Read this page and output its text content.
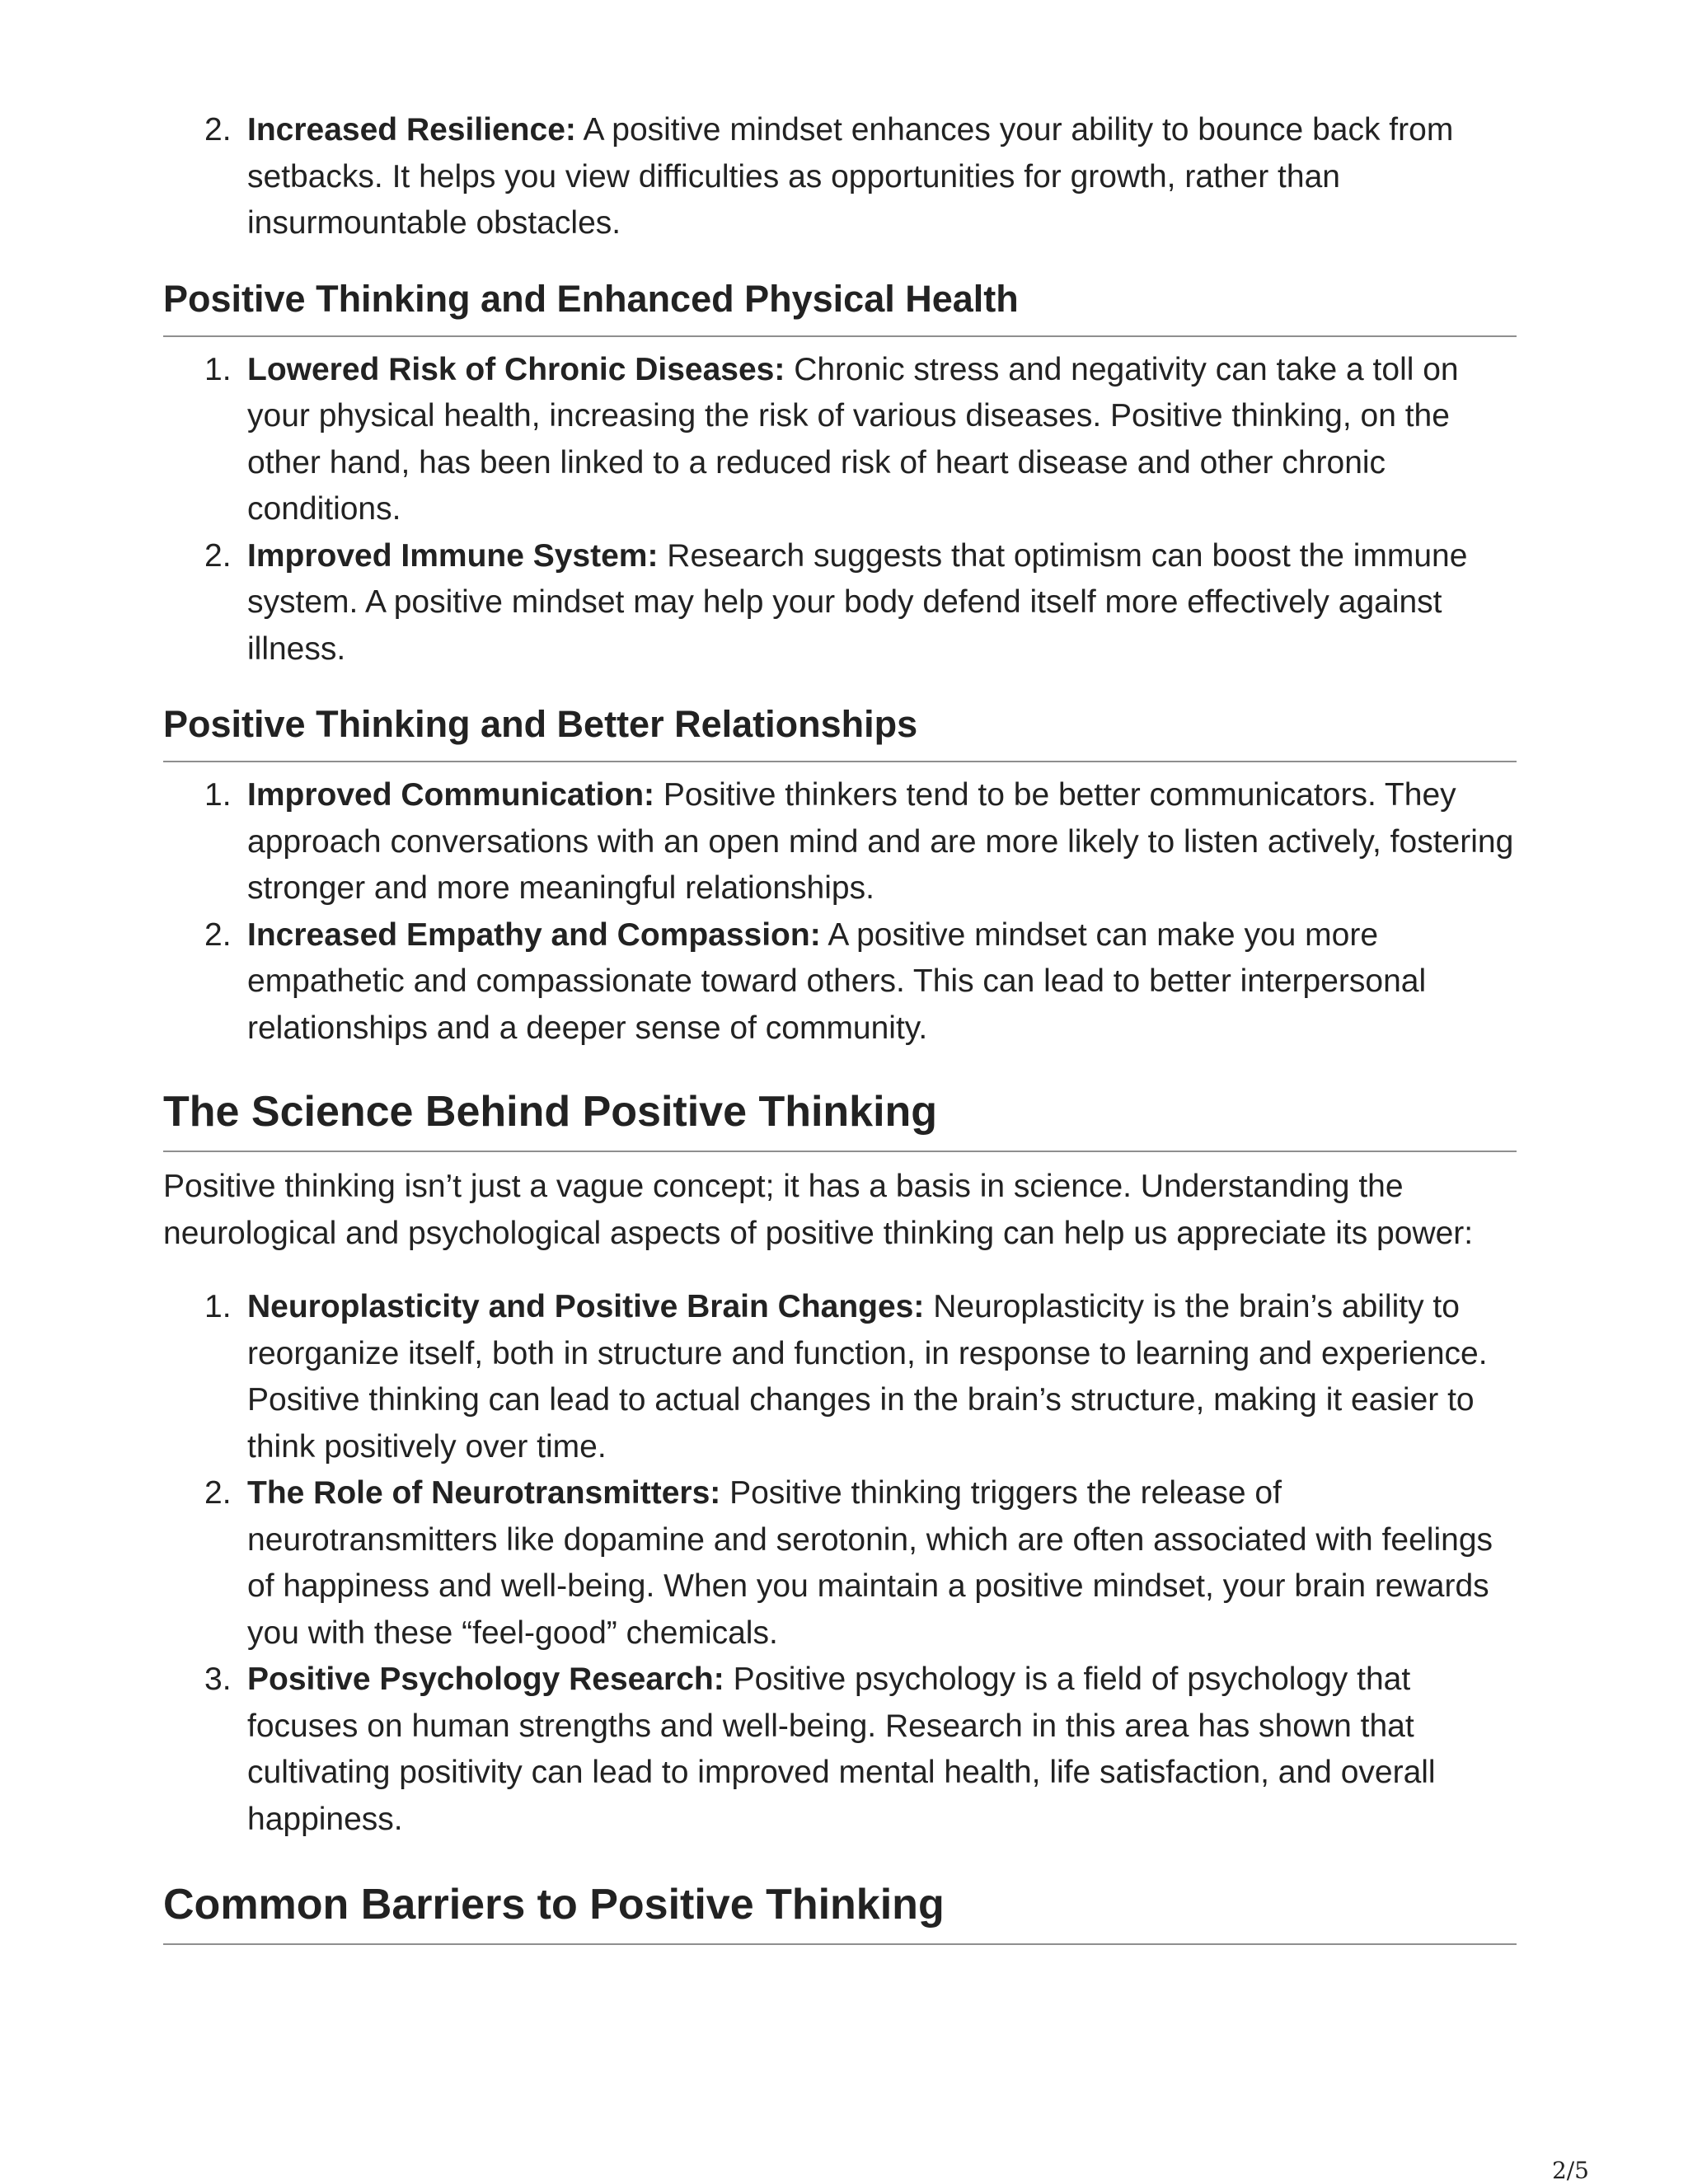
2. Increased Resilience: A positive mindset enhances your ability to bounce back from setbacks. It helps you view difficulties as opportunities for growth, rather than insurmountable obstacles.
Positive Thinking and Enhanced Physical Health
1. Lowered Risk of Chronic Diseases: Chronic stress and negativity can take a toll on your physical health, increasing the risk of various diseases. Positive thinking, on the other hand, has been linked to a reduced risk of heart disease and other chronic conditions.
2. Improved Immune System: Research suggests that optimism can boost the immune system. A positive mindset may help your body defend itself more effectively against illness.
Positive Thinking and Better Relationships
1. Improved Communication: Positive thinkers tend to be better communicators. They approach conversations with an open mind and are more likely to listen actively, fostering stronger and more meaningful relationships.
2. Increased Empathy and Compassion: A positive mindset can make you more empathetic and compassionate toward others. This can lead to better interpersonal relationships and a deeper sense of community.
The Science Behind Positive Thinking

Positive thinking isn’t just a vague concept; it has a basis in science. Understanding the neurological and psychological aspects of positive thinking can help us appreciate its power:

1. Neuroplasticity and Positive Brain Changes: Neuroplasticity is the brain’s ability to reorganize itself, both in structure and function, in response to learning and experience. Positive thinking can lead to actual changes in the brain’s structure, making it easier to think positively over time.
2. The Role of Neurotransmitters: Positive thinking triggers the release of neurotransmitters like dopamine and serotonin, which are often associated with feelings of happiness and well-being. When you maintain a positive mindset, your brain rewards you with these “feel-good” chemicals.
3. Positive Psychology Research: Positive psychology is a field of psychology that focuses on human strengths and well-being. Research in this area has shown that cultivating positivity can lead to improved mental health, life satisfaction, and overall happiness.
Common Barriers to Positive Thinking
2/5
